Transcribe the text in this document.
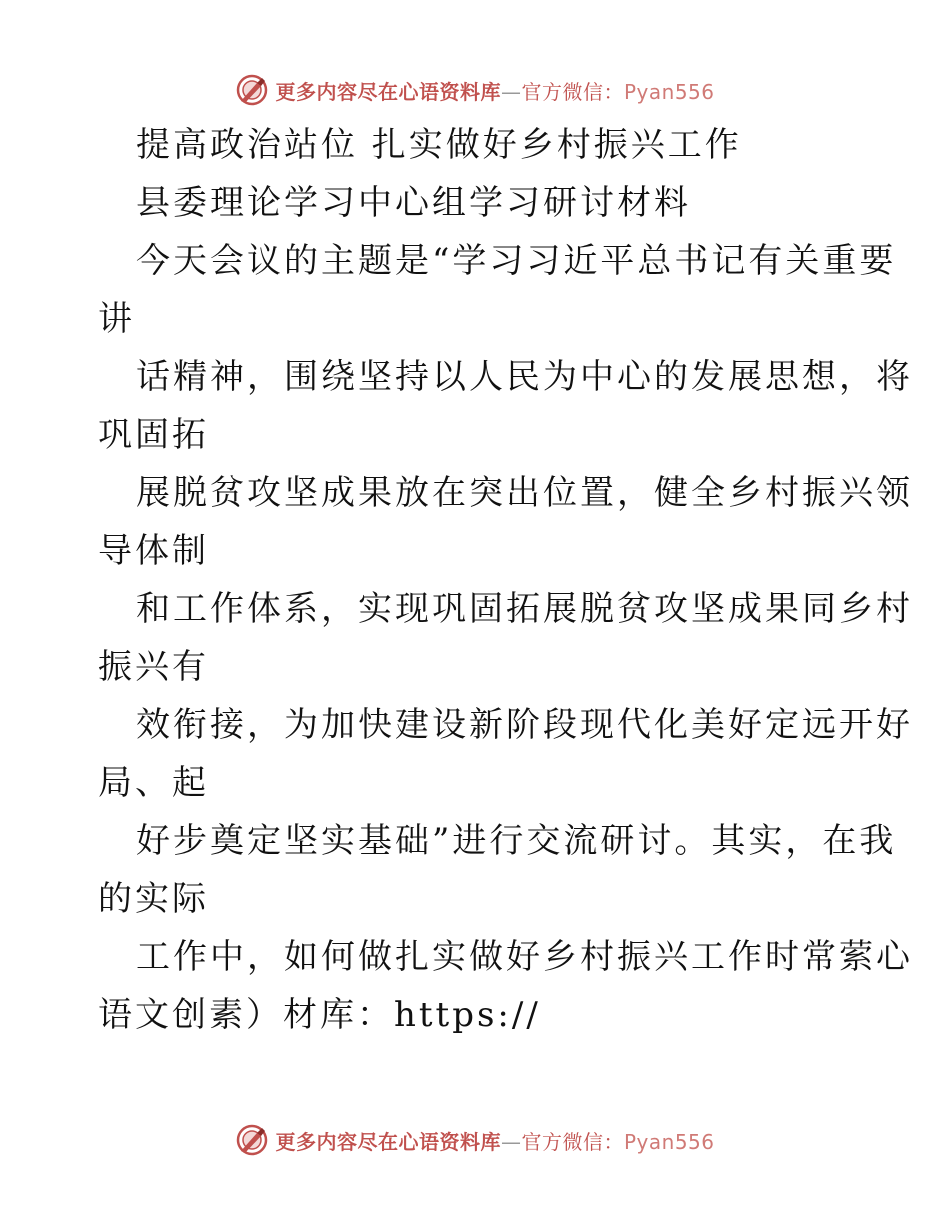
更多内容尽在心语资料库—官方微信：Pyan556
提高政治站位 扎实做好乡村振兴工作
县委理论学习中心组学习研讨材料
今天会议的主题是“学习习近平总书记有关重要
讲
话精神，围绕坚持以人民为中心的发展思想，将
巩固拓
展脱贫攻坚成果放在突出位置，健全乡村振兴领
导体制
和工作体系，实现巩固拓展脱贫攻坚成果同乡村
振兴有
效衔接，为加快建设新阶段现代化美好定远开好
局、起
好步奠定坚实基础”进行交流研讨。其实，在我
的实际
工作中，如何做扎实做好乡村振兴工作时常萦心
语文创素）材库：https://
更多内容尽在心语资料库—官方微信：Pyan556
